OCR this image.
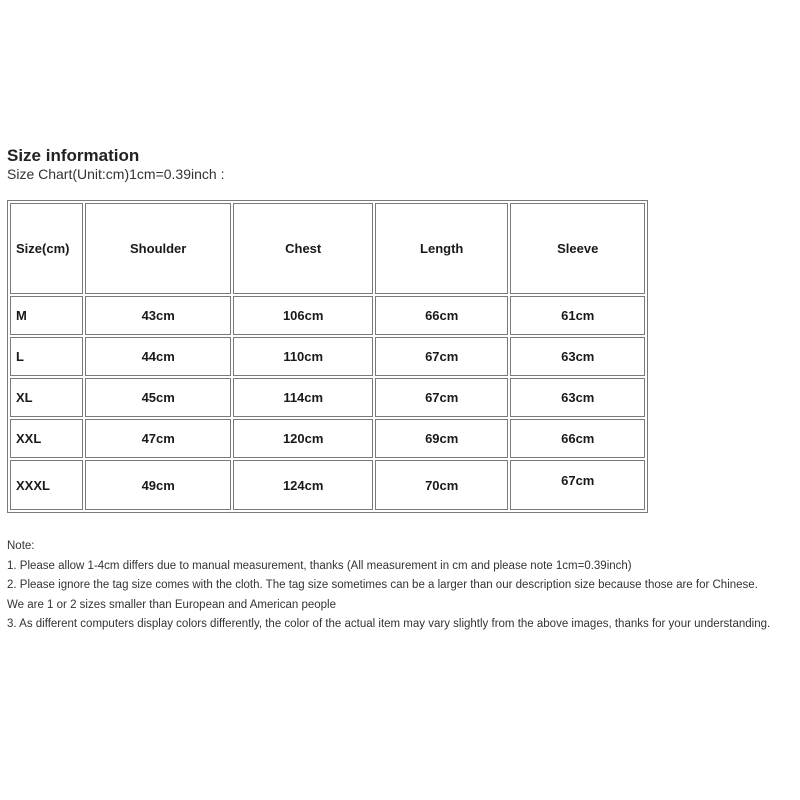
Size information
Size Chart(Unit:cm)1cm=0.39inch :
Size(cm)	Shoulder	Chest	Length	Sleeve
M	43cm	106cm	66cm	61cm
L	44cm	110cm	67cm	63cm
XL	45cm	114cm	67cm	63cm
XXL	47cm	120cm	69cm	66cm
XXXL	49cm	124cm	70cm	67cm
Note:
1. Please allow 1-4cm differs due to manual measurement, thanks (All measurement in cm and please note 1cm=0.39inch)
2. Please ignore the tag size comes with the cloth. The tag size sometimes can be a larger than our description size because those are for Chinese.
We are 1 or 2 sizes smaller than European and American people
3. As different computers display colors differently, the color of the actual item may vary slightly from the above images, thanks for your understanding.
